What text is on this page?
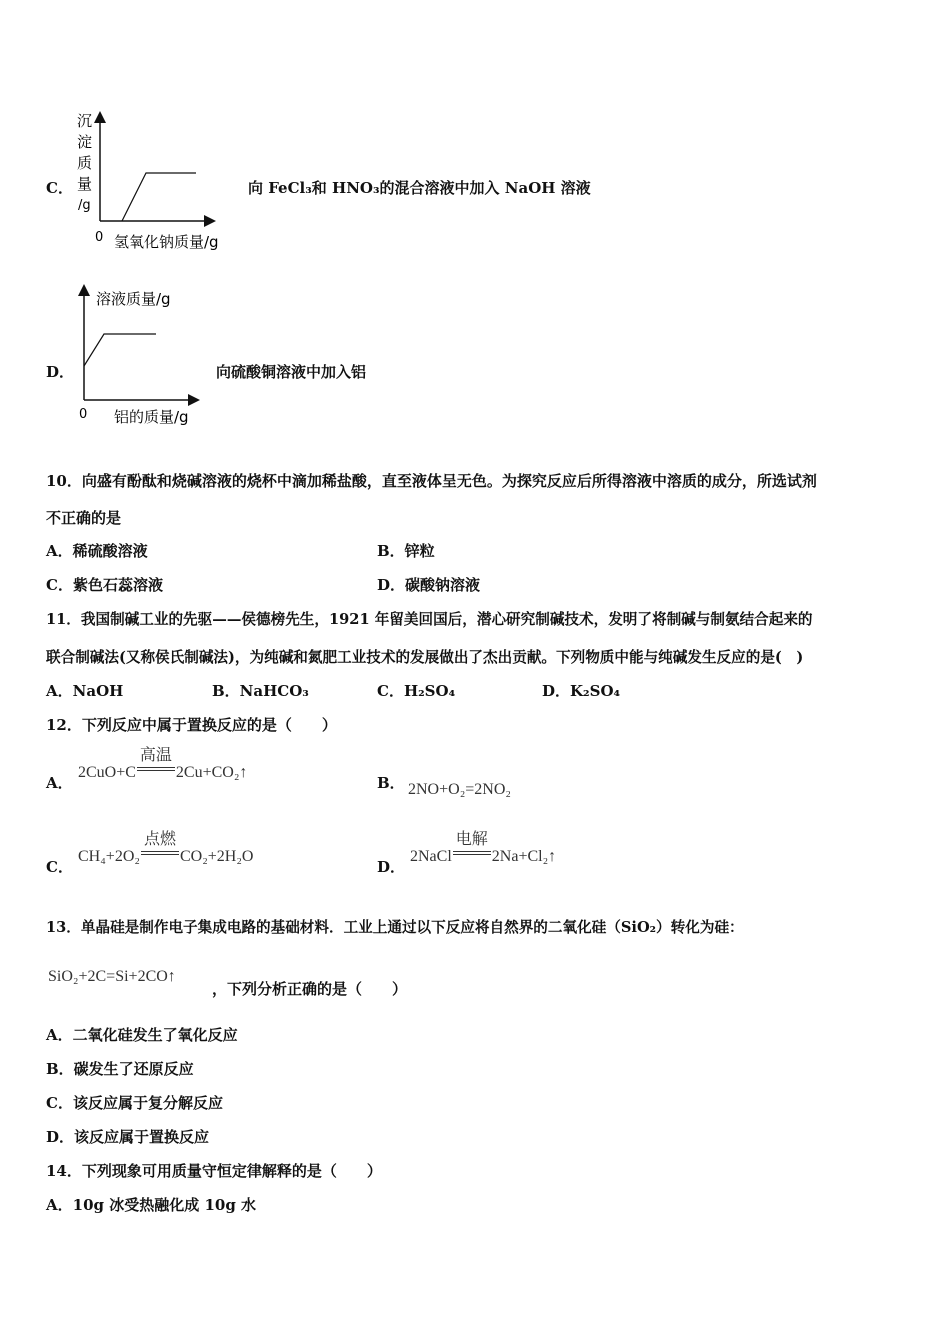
C．
沉
淀
质
量
/g
0 氢氧化钠质量/g
向 FeCl₃和 HNO₃的混合溶液中加入 NaOH 溶液
D．
溶液质量/g
0 铝的质量/g
向硫酸铜溶液中加入铝
10．向盛有酚酞和烧碱溶液的烧杯中滴加稀盐酸，直至液体呈无色。为探究反应后所得溶液中溶质的成分，所选试剂
不正确的是
A．稀硫酸溶液	B．锌粒
C．紫色石蕊溶液	D．碳酸钠溶液
11．我国制碱工业的先驱——侯德榜先生，1921 年留美回国后，潜心研究制碱技术，发明了将制碱与制氨结合起来的
联合制碱法(又称侯氏制碱法)，为纯碱和氮肥工业技术的发展做出了杰出贡献。下列物质中能与纯碱发生反应的是(　)
A．NaOH	B．NaHCO₃	C．H₂SO₄	D．K₂SO₄
12．下列反应中属于置换反应的是（　　）
A．
2CuO+C
高温
2Cu+CO₂↑
B． 2NO+O₂=2NO₂
C．
CH₄+2O₂
点燃
CO₂+2H₂O
D．
2NaCl
电解
2Na+Cl₂↑
13．单晶硅是制作电子集成电路的基础材料．工业上通过以下反应将自然界的二氧化硅（SiO₂）转化为硅：
SiO₂+2C=Si+2CO↑
，下列分析正确的是（　　）
A．二氧化硅发生了氧化反应
B．碳发生了还原反应
C．该反应属于复分解反应
D．该反应属于置换反应
14．下列现象可用质量守恒定律解释的是（　　）
A．10g 冰受热融化成 10g 水
